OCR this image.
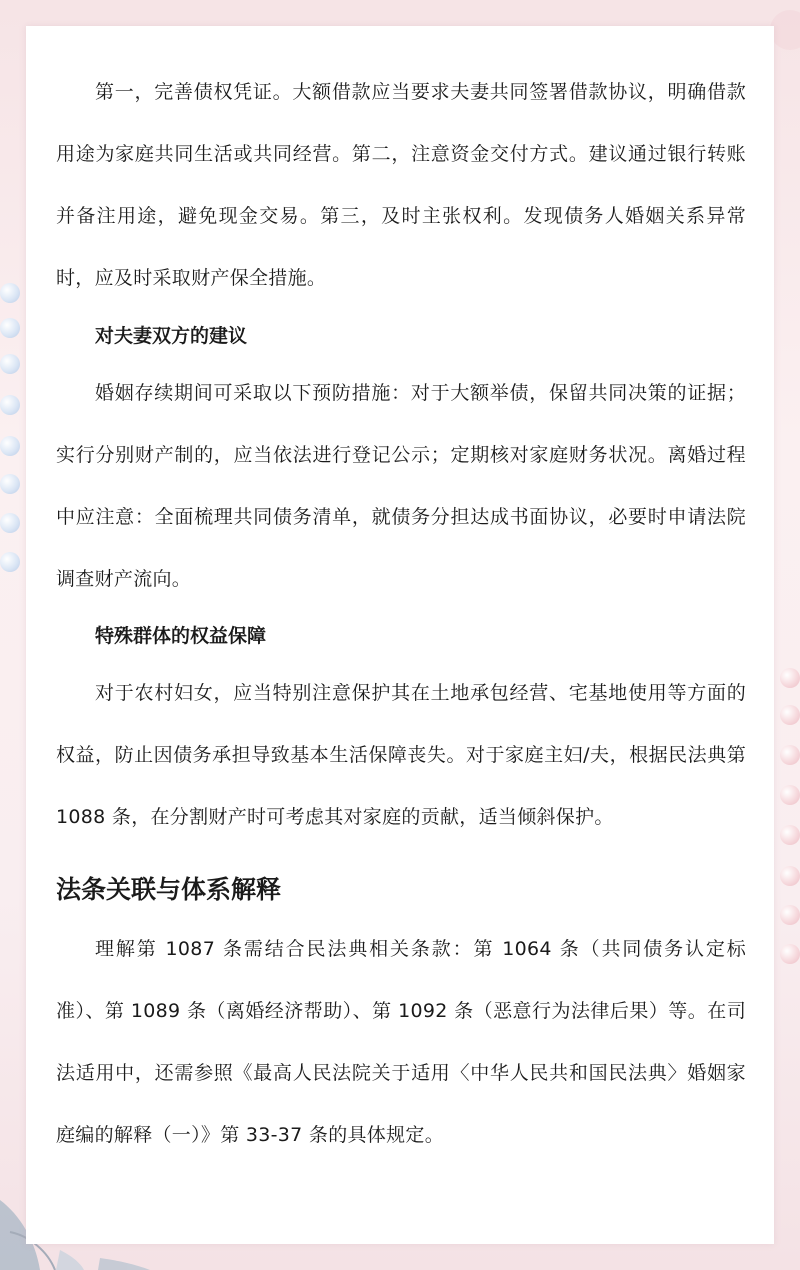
第一，完善债权凭证。大额借款应当要求夫妻共同签署借款协议，明确借款用途为家庭共同生活或共同经营。第二，注意资金交付方式。建议通过银行转账并备注用途，避免现金交易。第三，及时主张权利。发现债务人婚姻关系异常时，应及时采取财产保全措施。

对夫妻双方的建议

婚姻存续期间可采取以下预防措施：对于大额举债，保留共同决策的证据；实行分别财产制的，应当依法进行登记公示；定期核对家庭财务状况。离婚过程中应注意：全面梳理共同债务清单，就债务分担达成书面协议，必要时申请法院调查财产流向。

特殊群体的权益保障

对于农村妇女，应当特别注意保护其在土地承包经营、宅基地使用等方面的权益，防止因债务承担导致基本生活保障丧失。对于家庭主妇/夫，根据民法典第 1088 条，在分割财产时可考虑其对家庭的贡献，适当倾斜保护。

法条关联与体系解释

理解第 1087 条需结合民法典相关条款：第 1064 条（共同债务认定标准）、第 1089 条（离婚经济帮助）、第 1092 条（恶意行为法律后果）等。在司法适用中，还需参照《最高人民法院关于适用〈中华人民共和国民法典〉婚姻家庭编的解释（一）》第 33-37 条的具体规定。
